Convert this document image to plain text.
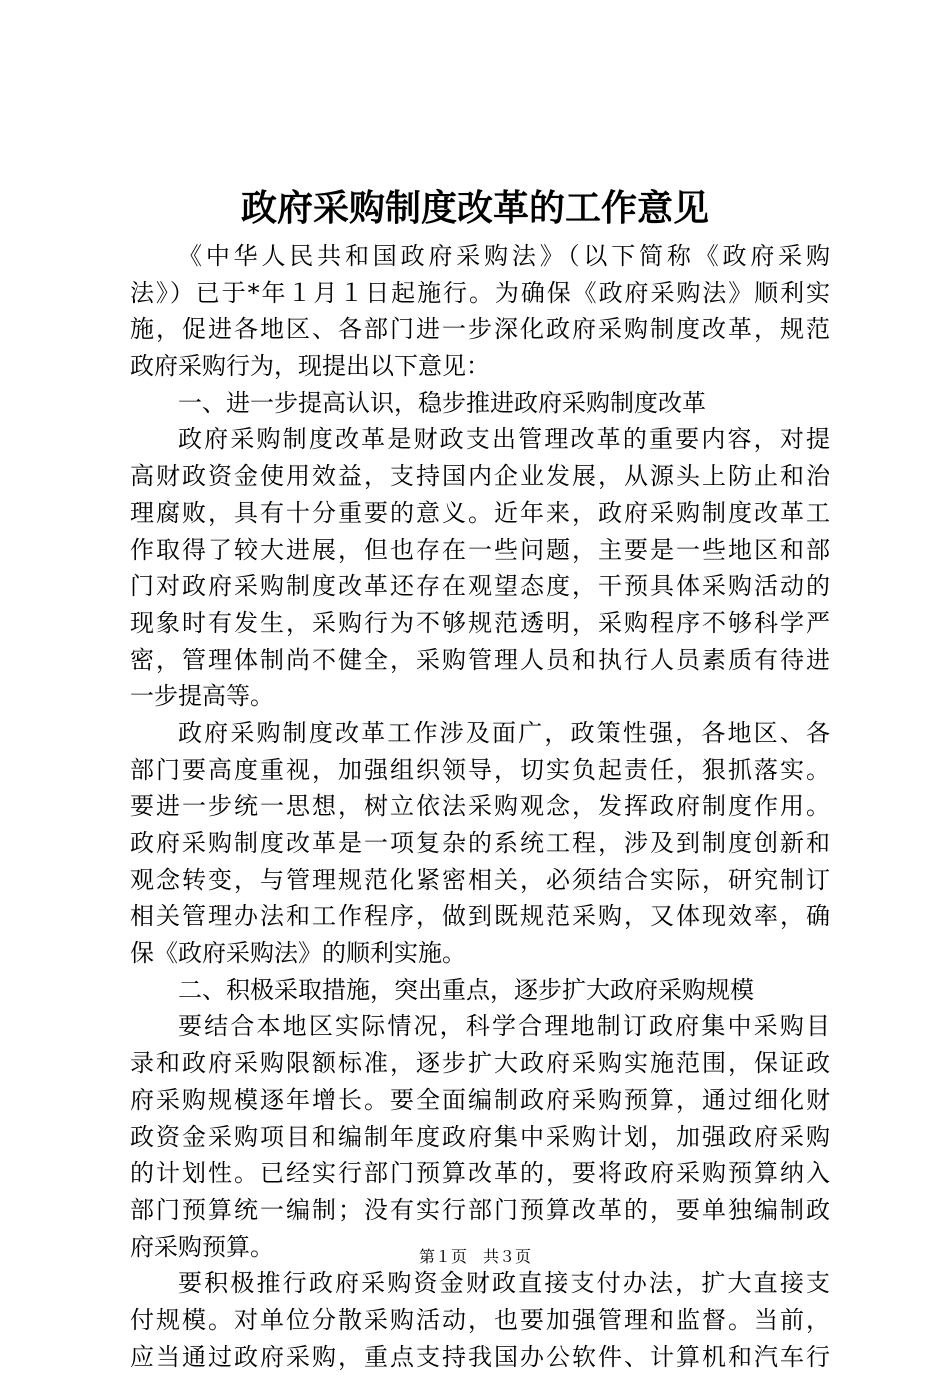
政府采购制度改革的工作意见
《中华人民共和国政府采购法》（以下简称《政府采购
法》）已于*年１月１日起施行。为确保《政府采购法》顺利实
施，促进各地区、各部门进一步深化政府采购制度改革，规范
政府采购行为，现提出以下意见：
一、进一步提高认识，稳步推进政府采购制度改革
政府采购制度改革是财政支出管理改革的重要内容，对提
高财政资金使用效益，支持国内企业发展，从源头上防止和治
理腐败，具有十分重要的意义。近年来，政府采购制度改革工
作取得了较大进展，但也存在一些问题，主要是一些地区和部
门对政府采购制度改革还存在观望态度，干预具体采购活动的
现象时有发生，采购行为不够规范透明，采购程序不够科学严
密，管理体制尚不健全，采购管理人员和执行人员素质有待进
一步提高等。
政府采购制度改革工作涉及面广，政策性强，各地区、各
部门要高度重视，加强组织领导，切实负起责任，狠抓落实。
要进一步统一思想，树立依法采购观念，发挥政府制度作用。
政府采购制度改革是一项复杂的系统工程，涉及到制度创新和
观念转变，与管理规范化紧密相关，必须结合实际，研究制订
相关管理办法和工作程序，做到既规范采购，又体现效率，确
保《政府采购法》的顺利实施。
二、积极采取措施，突出重点，逐步扩大政府采购规模
要结合本地区实际情况，科学合理地制订政府集中采购目
录和政府采购限额标准，逐步扩大政府采购实施范围，保证政
府采购规模逐年增长。要全面编制政府采购预算，通过细化财
政资金采购项目和编制年度政府集中采购计划，加强政府采购
的计划性。已经实行部门预算改革的，要将政府采购预算纳入
部门预算统一编制；没有实行部门预算改革的，要单独编制政
府采购预算。
要积极推行政府采购资金财政直接支付办法，扩大直接支
付规模。对单位分散采购活动，也要加强管理和监督。当前，
应当通过政府采购，重点支持我国办公软件、计算机和汽车行
第１页　共３页
